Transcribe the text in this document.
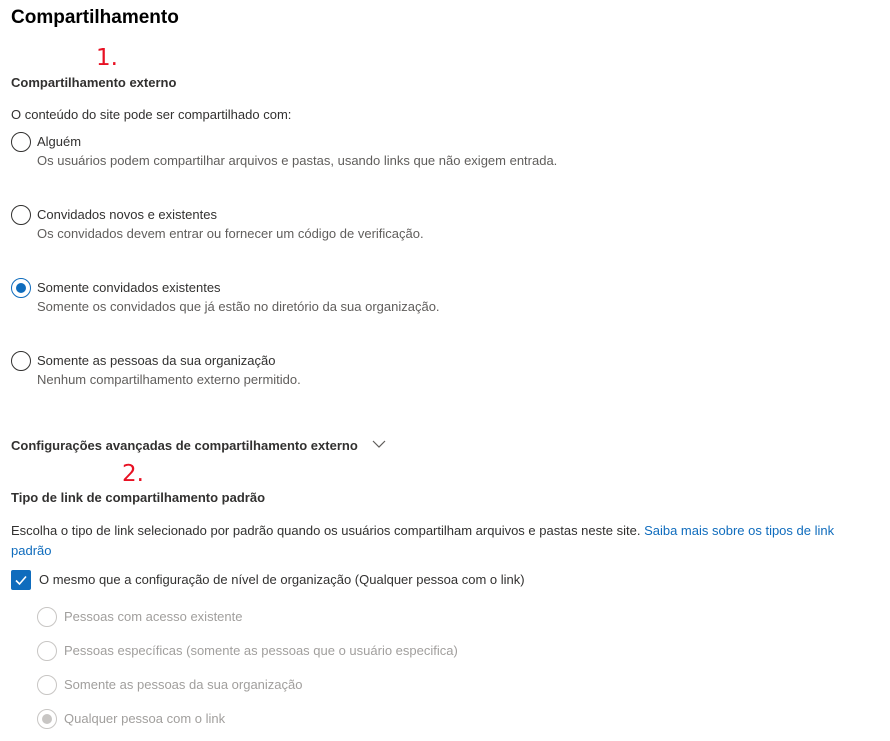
Compartilhamento
1.
2.
Compartilhamento externo
O conteúdo do site pode ser compartilhado com:
Alguém
Os usuários podem compartilhar arquivos e pastas, usando links que não exigem entrada.
Convidados novos e existentes
Os convidados devem entrar ou fornecer um código de verificação.
Somente convidados existentes
Somente os convidados que já estão no diretório da sua organização.
Somente as pessoas da sua organização
Nenhum compartilhamento externo permitido.
Configurações avançadas de compartilhamento externo
Tipo de link de compartilhamento padrão
Escolha o tipo de link selecionado por padrão quando os usuários compartilham arquivos e pastas neste site. Saiba mais sobre os tipos de link padrão
O mesmo que a configuração de nível de organização (Qualquer pessoa com o link)
Pessoas com acesso existente
Pessoas específicas (somente as pessoas que o usuário especifica)
Somente as pessoas da sua organização
Qualquer pessoa com o link
